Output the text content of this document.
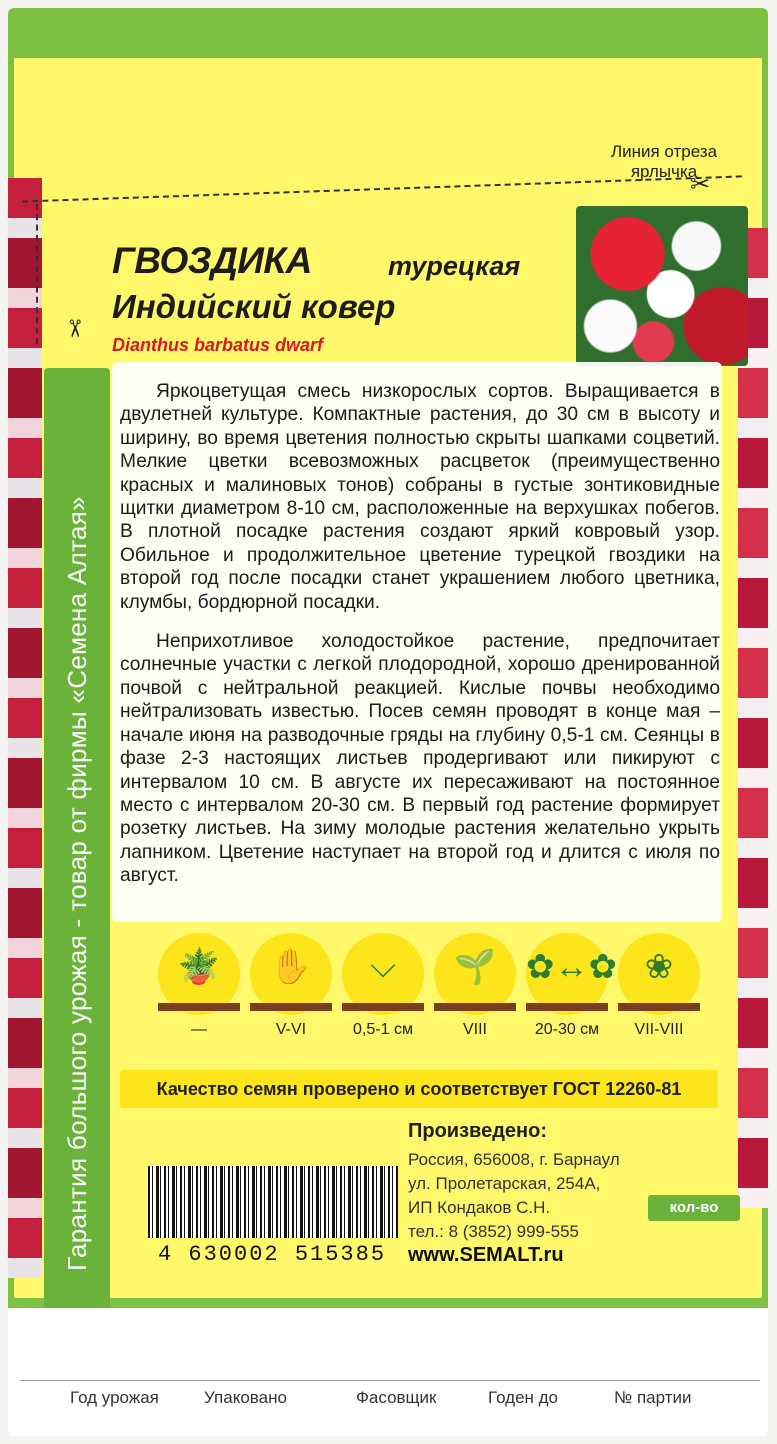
Линия отреза
ярлычка
✂
✂
Гарантия большого урожая - товар от фирмы «Семена Алтая»
ГВОЗДИКА	турецкая
Индийский ковер
Dianthus barbatus dwarf

Яркоцветущая смесь низкорослых сортов. Выращивается в двулетней культуре. Компактные растения, до 30 см в высоту и ширину, во время цветения полностью скрыты шапками соцветий. Мелкие цветки всевозможных расцветок (преимущественно красных и малиновых тонов) собраны в густые зонтиковидные щитки диаметром 8-10 см, расположенные на верхушках побегов. В плотной посадке растения создают яркий ковровый узор. Обильное и продолжительное цветение турецкой гвоздики на второй год после посадки станет украшением любого цветника, клумбы, бордюрной посадки.

Неприхотливое холодостойкое растение, предпочитает солнечные участки с легкой плодородной, хорошо дренированной почвой с нейтральной реакцией. Кислые почвы необходимо нейтрализовать известью. Посев семян проводят в конце мая – начале июня на разводочные гряды на глубину 0,5-1 см. Сеянцы в фазе 2-3 настоящих листьев продергивают или пикируют с интервалом 10 см. В августе их пересаживают на постоянное место с интервалом 20-30 см. В первый год растение формирует розетку листьев. На зиму молодые растения желательно укрыть лапником. Цветение наступает на второй год и длится с июля по август.

🪴
—
✋
V-VI
⌵
0,5-1 см
🌱
VIII
✿↔✿
20-30 см
❀
VII-VIII
Качество семян проверено и соответствует ГОСТ 12260-81
4 630002 515385
Произведено:
Россия, 656008, г. Барнаул
ул. Пролетарская, 254А,
ИП Кондаков С.Н.
тел.: 8 (3852) 999-555
www.SEMALT.ru
кол-во
Год урожая	Упаковано	Фасовщик	Годен до	№ партии
